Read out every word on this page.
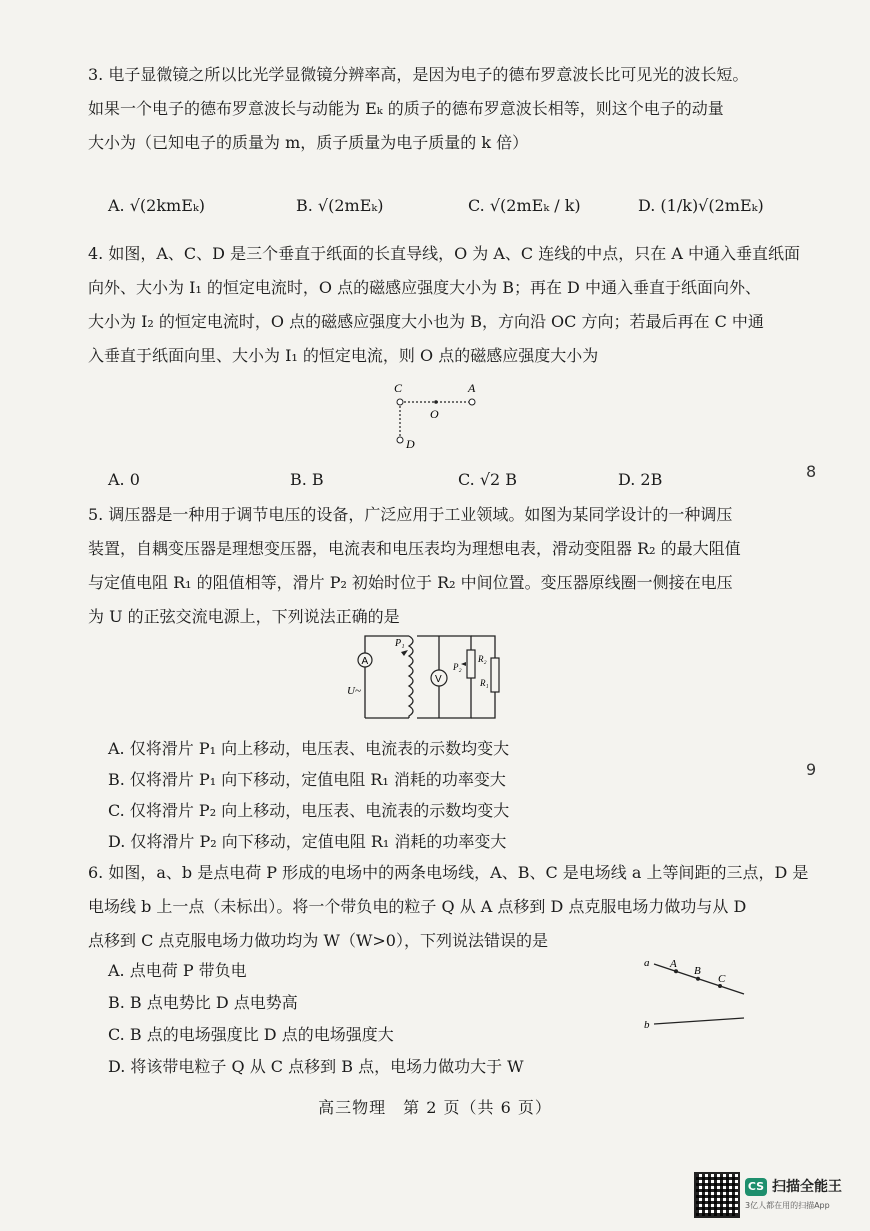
3. 电子显微镜之所以比光学显微镜分辨率高，是因为电子的德布罗意波长比可见光的波长短。
如果一个电子的德布罗意波长与动能为 Eₖ 的质子的德布罗意波长相等，则这个电子的动量
大小为（已知电子的质量为 m，质子质量为电子质量的 k 倍）
A. √(2kmEₖ)	B. √(2mEₖ)	C. √(2mEₖ / k)	D. (1/k)√(2mEₖ)
4. 如图，A、C、D 是三个垂直于纸面的长直导线，O 为 A、C 连线的中点，只在 A 中通入垂直纸面
向外、大小为 I₁ 的恒定电流时，O 点的磁感应强度大小为 B；再在 D 中通入垂直于纸面向外、
大小为 I₂ 的恒定电流时，O 点的磁感应强度大小也为 B，方向沿 OC 方向；若最后再在 C 中通
入垂直于纸面向里、大小为 I₁ 的恒定电流，则 O 点的磁感应强度大小为
C	A
O
D
A. 0	B. B	C. √2 B	D. 2B	8
5. 调压器是一种用于调节电压的设备，广泛应用于工业领域。如图为某同学设计的一种调压
装置，自耦变压器是理想变压器，电流表和电压表均为理想电表，滑动变阻器 R₂ 的最大阻值
与定值电阻 R₁ 的阻值相等，滑片 P₂ 初始时位于 R₂ 中间位置。变压器原线圈一侧接在电压
为 U 的正弦交流电源上，下列说法正确的是
A
U~
P₁
V
P₂
R₂
R₁
A. 仅将滑片 P₁ 向上移动，电压表、电流表的示数均变大
B. 仅将滑片 P₁ 向下移动，定值电阻 R₁ 消耗的功率变大
C. 仅将滑片 P₂ 向上移动，电压表、电流表的示数均变大
D. 仅将滑片 P₂ 向下移动，定值电阻 R₁ 消耗的功率变大
9
6. 如图，a、b 是点电荷 P 形成的电场中的两条电场线，A、B、C 是电场线 a 上等间距的三点，D 是
电场线 b 上一点（未标出）。将一个带负电的粒子 Q 从 A 点移到 D 点克服电场力做功与从 D
点移到 C 点克服电场力做功均为 W（W>0），下列说法错误的是
a A
B
C
b
A. 点电荷 P 带负电
B. B 点电势比 D 点电势高
C. B 点的电场强度比 D 点的电场强度大
D. 将该带电粒子 Q 从 C 点移到 B 点，电场力做功大于 W
高三物理　第 2 页（共 6 页）
CS 扫描全能王
3亿人都在用的扫描App
